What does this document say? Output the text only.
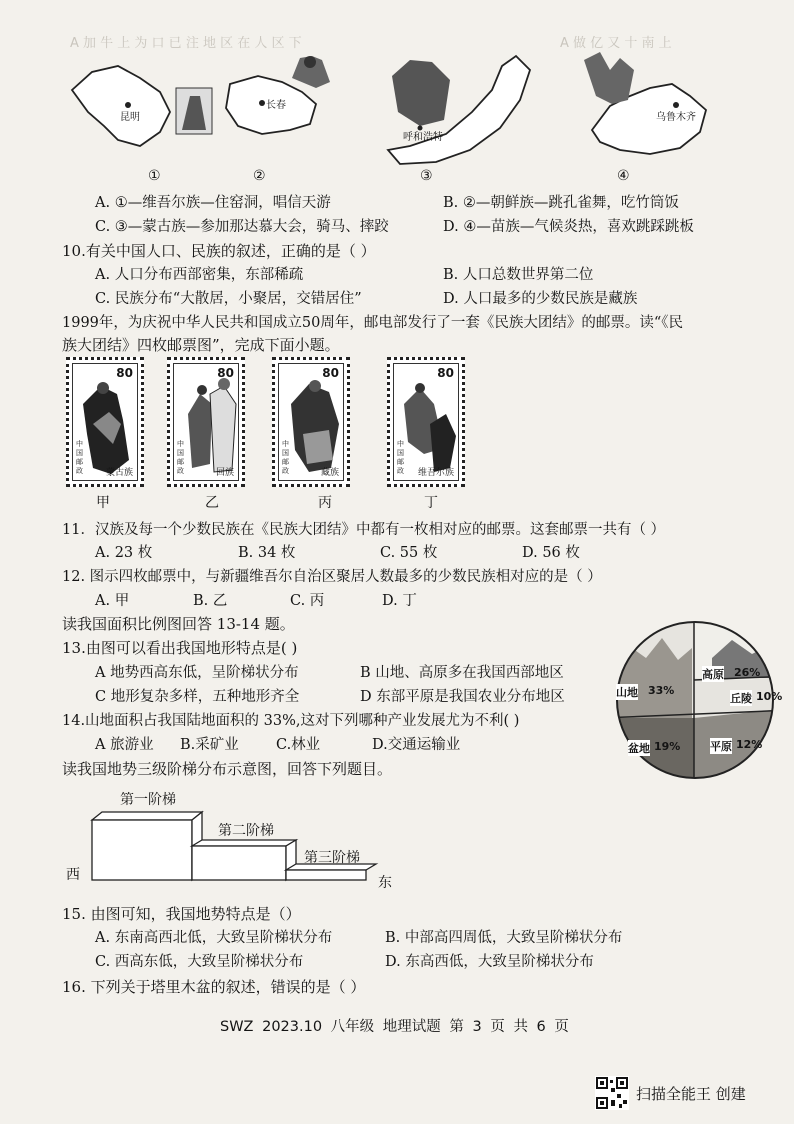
A 加 牛 上 为 口 已 注 地 区 在 人 区 下	A 做 亿 又 十 南 上
昆明
长春
呼和浩特
乌鲁木齐
①	②	③	④
A. ①—维吾尔族—住窑洞，唱信天游	B. ②—朝鲜族—跳孔雀舞，吃竹筒饭
C. ③—蒙古族—参加那达慕大会，骑马、摔跤	D. ④—苗族—气候炎热，喜欢跳踩跳板
10.有关中国人口、民族的叙述，正确的是（ ）
A. 人口分布西部密集，东部稀疏	B. 人口总数世界第二位
C. 民族分布“大散居，小聚居，交错居住”	D. 人口最多的少数民族是藏族
1999年，为庆祝中华人民共和国成立50周年，邮电部发行了一套《民族大团结》的邮票。读“《民
族大团结》四枚邮票图”，完成下面小题。
80
中国邮政	蒙古族
80
中国邮政	回族
80
中国邮政	藏族
80
中国邮政	维吾尔族
甲	乙	丙	丁
11．汉族及每一个少数民族在《民族大团结》中都有一枚相对应的邮票。这套邮票一共有（ ）
A. 23 枚	B. 34 枚	C. 55 枚	D. 56 枚
12. 图示四枚邮票中，与新疆维吾尔自治区聚居人数最多的少数民族相对应的是（ ）
A. 甲	B. 乙	C. 丙	D. 丁
读我国面积比例图回答 13-14 题。
13.由图可以看出我国地形特点是( )
A 地势西高东低，呈阶梯状分布	B 山地、高原多在我国西部地区
C 地形复杂多样，五种地形齐全	D 东部平原是我国农业分布地区
14.山地面积占我国陆地面积的 33%,这对下列哪种产业发展尤为不利( )
A 旅游业 B.采矿业	C.林业	D.交通运输业
山地 33%
高原 26%
丘陵 10%
平原 12%
盆地 19%
读我国地势三级阶梯分布示意图，回答下列题目。
第一阶梯
第二阶梯
第三阶梯
西	东
15. 由图可知，我国地势特点是（）
A. 东南高西北低，大致呈阶梯状分布	B. 中部高四周低，大致呈阶梯状分布
C. 西高东低，大致呈阶梯状分布	D. 东高西低，大致呈阶梯状分布
16. 下列关于塔里木盆的叙述，错误的是（ ）
SWZ 2023.10 八年级 地理试题 第 3 页 共 6 页
扫描全能王 创建
